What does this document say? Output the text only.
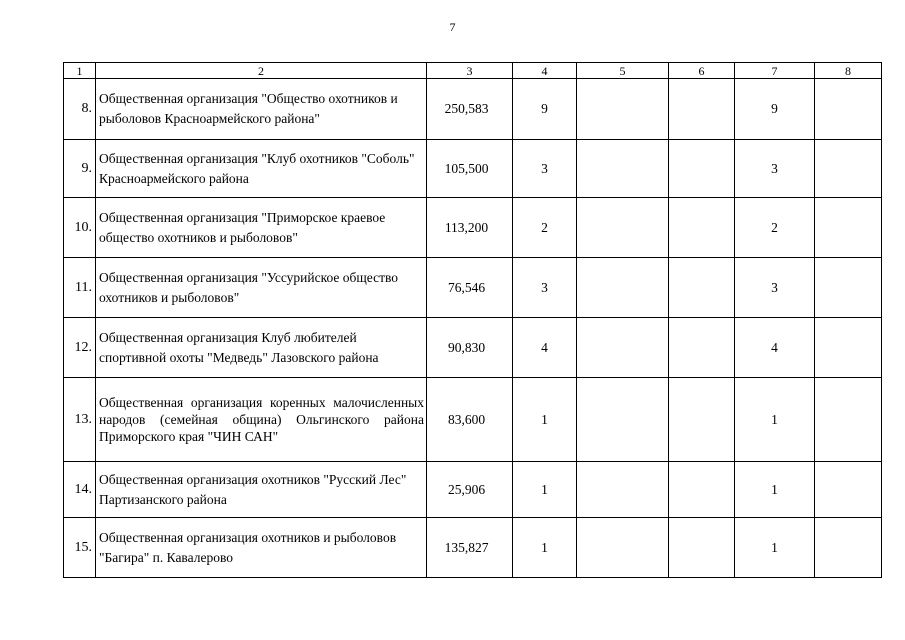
7
1	2	3	4	5	6	7	8
8.	Общественная организация "Общество охотников и рыболовов Красноармейского района"	250,583	9			9	
9.	Общественная организация "Клуб охотников "Соболь" Красноармейского района	105,500	3			3	
10.	Общественная организация "Приморское краевое общество охотников и рыболовов"	113,200	2			2	
11.	Общественная организация "Уссурийское общество охотников и рыболовов"	76,546	3			3	
12.	Общественная организация Клуб любителей спортивной охоты "Медведь" Лазовского района	90,830	4			4	
13.	Общественная организация коренных малочисленных народов (семейная община) Ольгинского района Приморского края "ЧИН САН"	83,600	1			1	
14.	Общественная организация охотников "Русский Лес" Партизанского района	25,906	1			1	
15.	Общественная организация охотников и рыболовов "Багира" п. Кавалерово	135,827	1			1	
